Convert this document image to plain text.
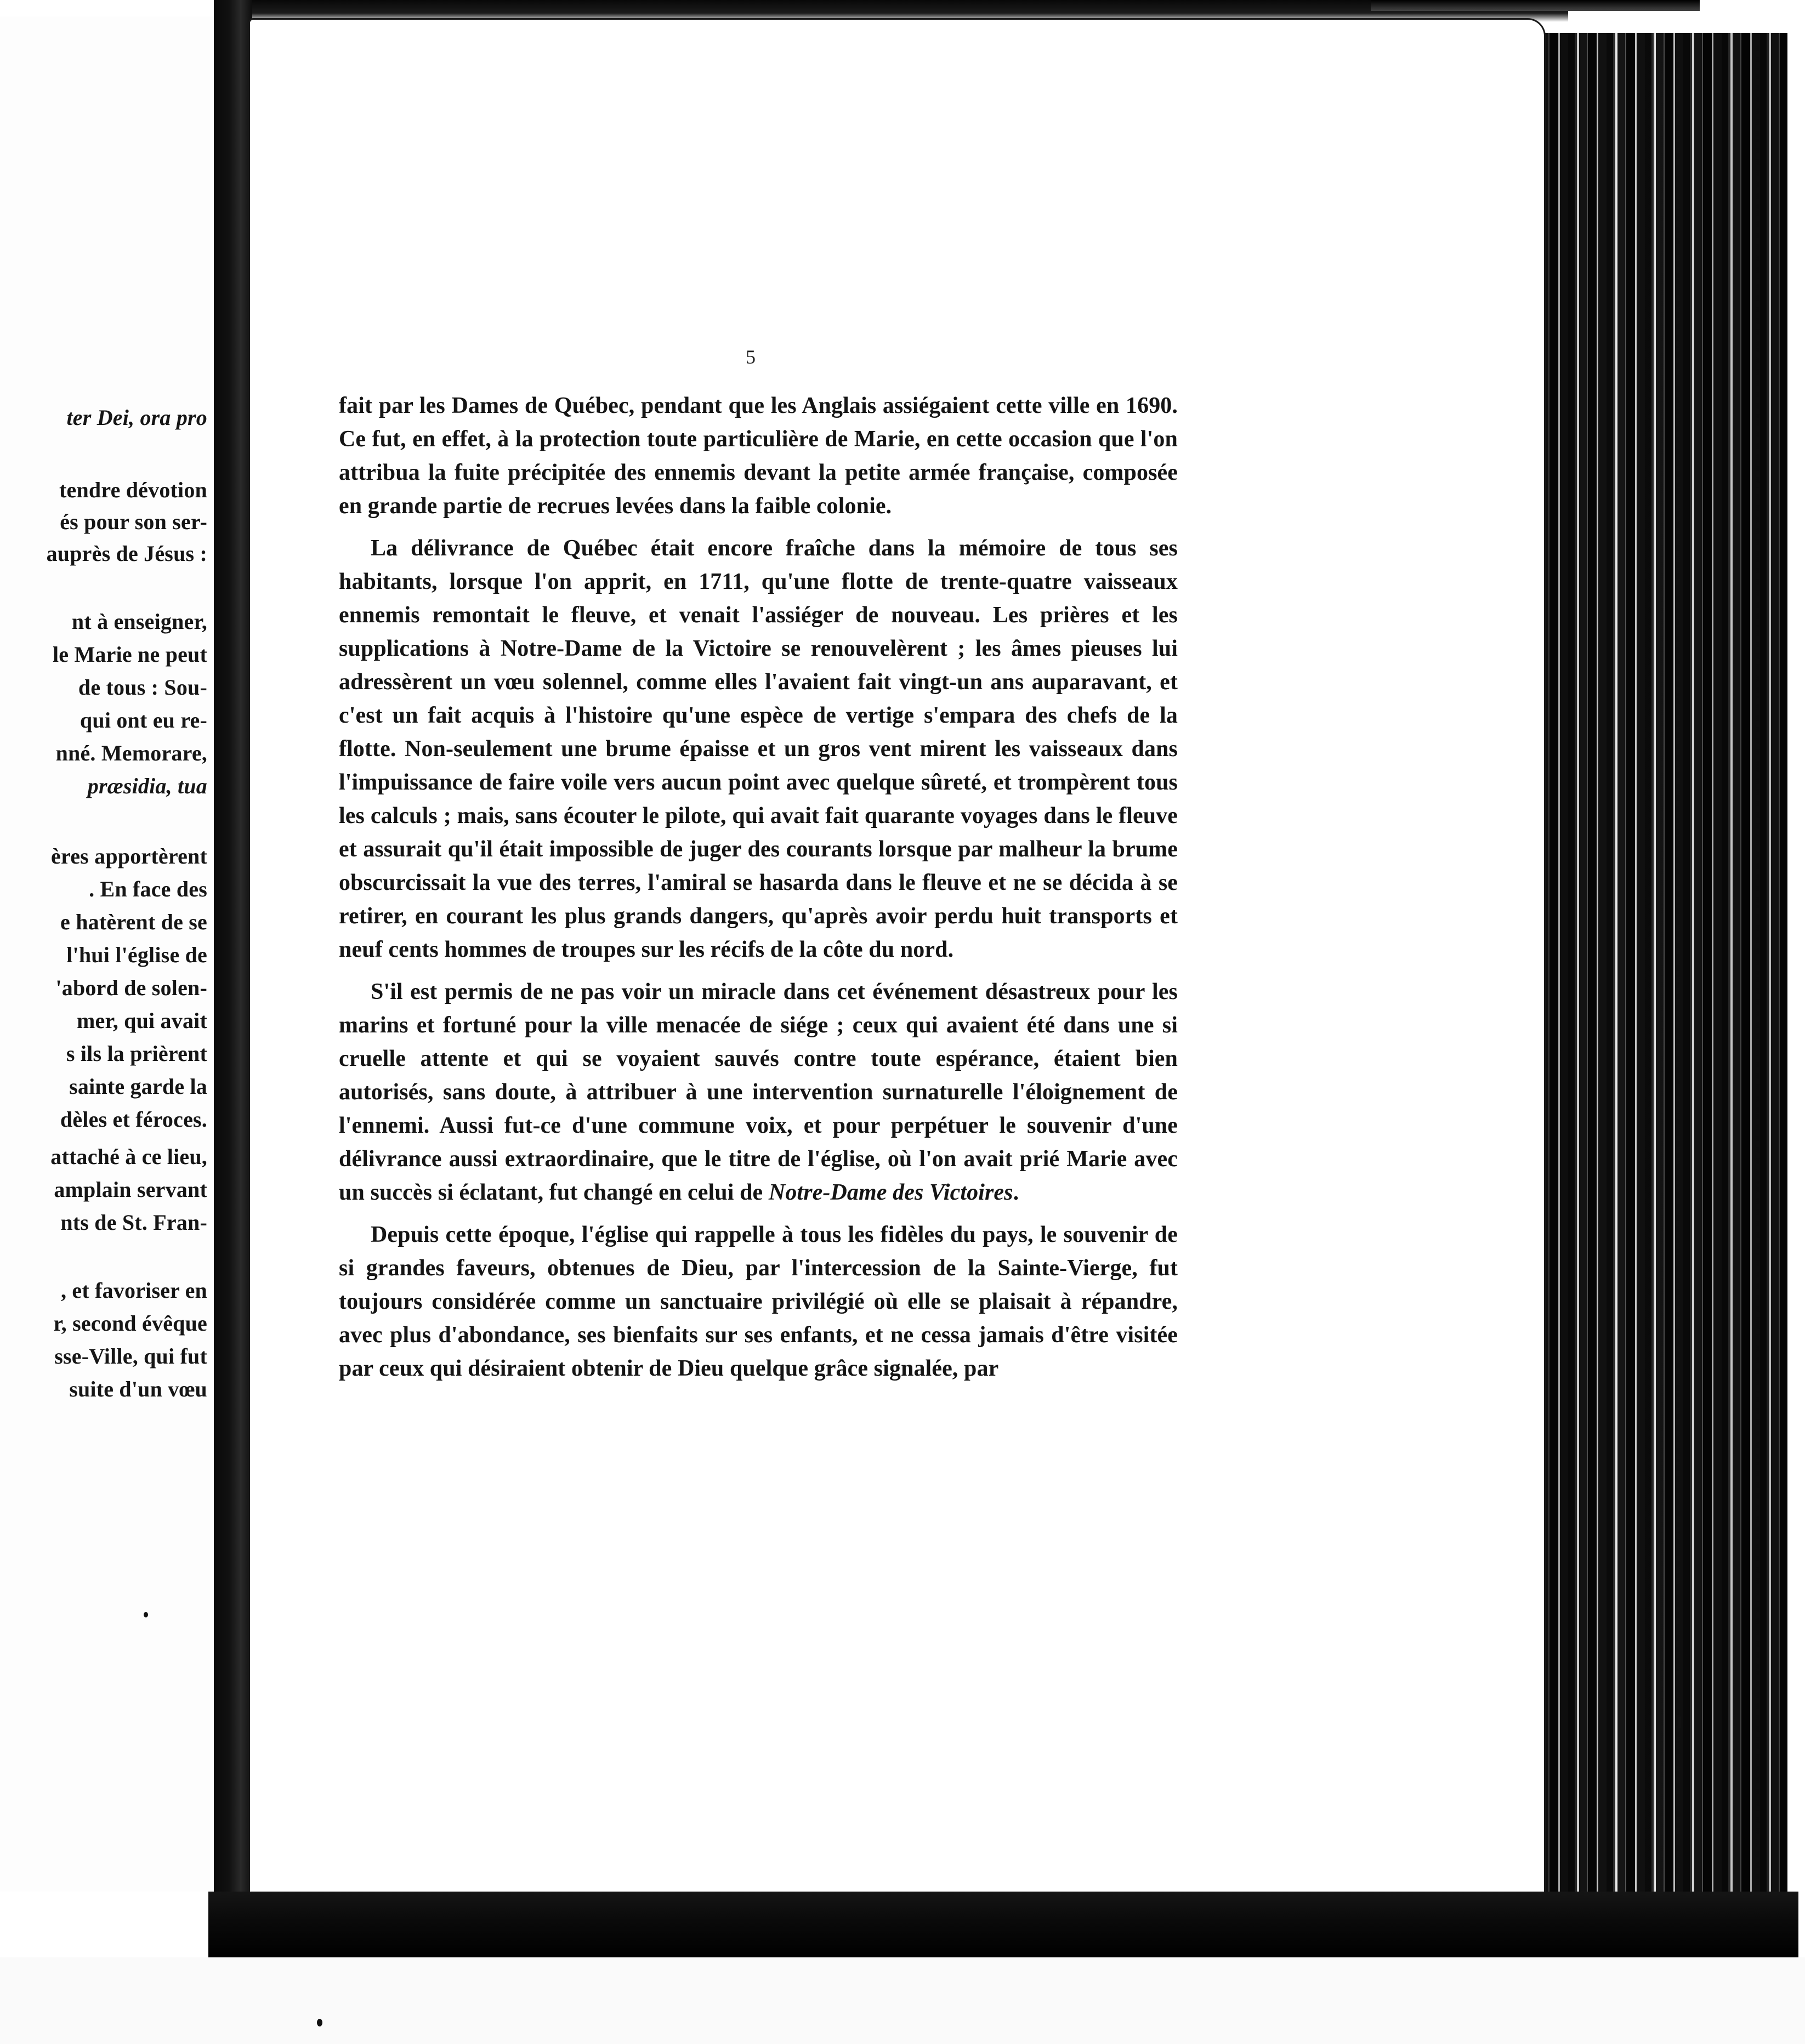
ter Dei, ora pro
tendre dévotion
és pour son ser-
auprès de Jésus :
nt à enseigner,
le Marie ne peut
de tous : Sou-
qui ont eu re-
nné. Memorare,
præsidia, tua
ères apportèrent
. En face des
e hatèrent de se
l'hui l'église de
'abord de solen-
mer, qui avait
s ils la prièrent
sainte garde la
dèles et féroces.
attaché à ce lieu,
amplain servant
nts de St. Fran-
, et favoriser en
r, second évêque
sse-Ville, qui fut
suite d'un vœu
5

fait par les Dames de Québec, pendant que les Anglais assiégaient cette ville en 1690. Ce fut, en effet, à la protection toute particulière de Marie, en cette occasion que l'on attribua la fuite précipitée des ennemis devant la petite armée française, composée en grande partie de recrues levées dans la faible colonie.

La délivrance de Québec était encore fraîche dans la mémoire de tous ses habitants, lorsque l'on apprit, en 1711, qu'une flotte de trente-quatre vaisseaux ennemis remontait le fleuve, et venait l'assiéger de nouveau. Les prières et les supplications à Notre-Dame de la Victoire se renouvelèrent ; les âmes pieuses lui adressèrent un vœu solennel, comme elles l'avaient fait vingt-un ans auparavant, et c'est un fait acquis à l'histoire qu'une espèce de vertige s'empara des chefs de la flotte. Non-seulement une brume épaisse et un gros vent mirent les vaisseaux dans l'impuissance de faire voile vers aucun point avec quelque sûreté, et trompèrent tous les calculs ; mais, sans écouter le pilote, qui avait fait quarante voyages dans le fleuve et assurait qu'il était impossible de juger des courants lorsque par malheur la brume obscurcissait la vue des terres, l'amiral se hasarda dans le fleuve et ne se décida à se retirer, en courant les plus grands dangers, qu'après avoir perdu huit transports et neuf cents hommes de troupes sur les récifs de la côte du nord.

S'il est permis de ne pas voir un miracle dans cet événement désastreux pour les marins et fortuné pour la ville menacée de siége ; ceux qui avaient été dans une si cruelle attente et qui se voyaient sauvés contre toute espérance, étaient bien autorisés, sans doute, à attribuer à une intervention surnaturelle l'éloignement de l'ennemi. Aussi fut-ce d'une commune voix, et pour perpétuer le souvenir d'une délivrance aussi extraordinaire, que le titre de l'église, où l'on avait prié Marie avec un succès si éclatant, fut changé en celui de Notre-Dame des Victoires.

Depuis cette époque, l'église qui rappelle à tous les fidèles du pays, le souvenir de si grandes faveurs, obtenues de Dieu, par l'intercession de la Sainte-Vierge, fut toujours considérée comme un sanctuaire privilégié où elle se plaisait à répandre, avec plus d'abondance, ses bienfaits sur ses enfants, et ne cessa jamais d'être visitée par ceux qui désiraient obtenir de Dieu quelque grâce signalée, par
